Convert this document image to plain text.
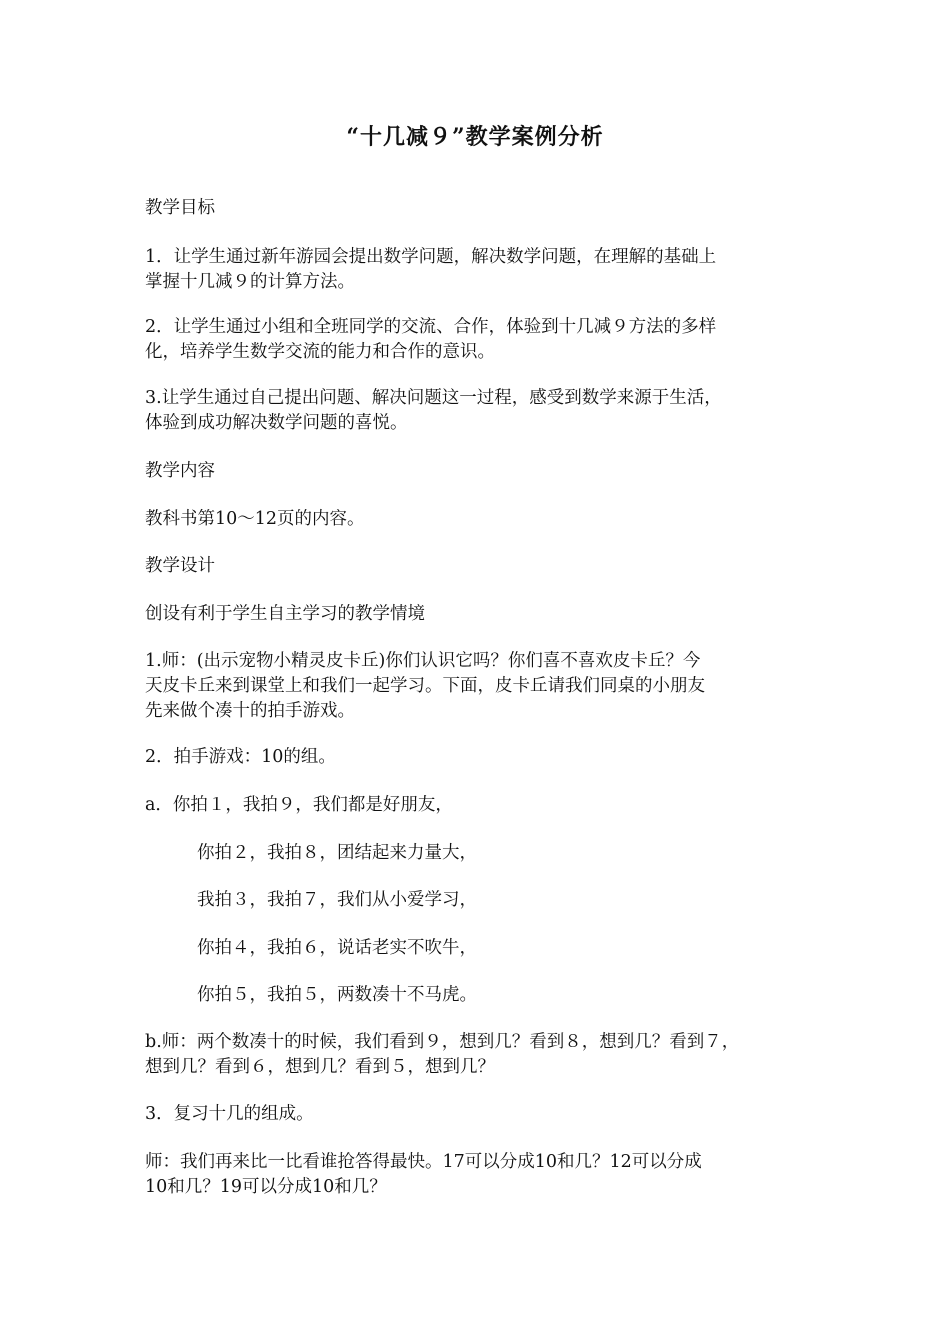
“十几减９”教学案例分析
教学目标
1．让学生通过新年游园会提出数学问题，解决数学问题，在理解的基础上
掌握十几减９的计算方法。
2．让学生通过小组和全班同学的交流、合作，体验到十几减９方法的多样
化，培养学生数学交流的能力和合作的意识。
3.让学生通过自己提出问题、解决问题这一过程，感受到数学来源于生活，
体验到成功解决数学问题的喜悦。
教学内容
教科书第10～12页的内容。
教学设计
创设有利于学生自主学习的教学情境
1.师：(出示宠物小精灵皮卡丘)你们认识它吗？你们喜不喜欢皮卡丘？今
天皮卡丘来到课堂上和我们一起学习。下面，皮卡丘请我们同桌的小朋友
先来做个凑十的拍手游戏。
2．拍手游戏：10的组。
a．你拍１，我拍９，我们都是好朋友，
你拍２，我拍８，团结起来力量大，
我拍３，我拍７，我们从小爱学习，
你拍４，我拍６，说话老实不吹牛，
你拍５，我拍５，两数凑十不马虎。
b.师：两个数凑十的时候，我们看到９，想到几？看到８，想到几？看到７，
想到几？看到６，想到几？看到５，想到几？
3．复习十几的组成。
师：我们再来比一比看谁抢答得最快。17可以分成10和几？12可以分成
10和几？19可以分成10和几？
